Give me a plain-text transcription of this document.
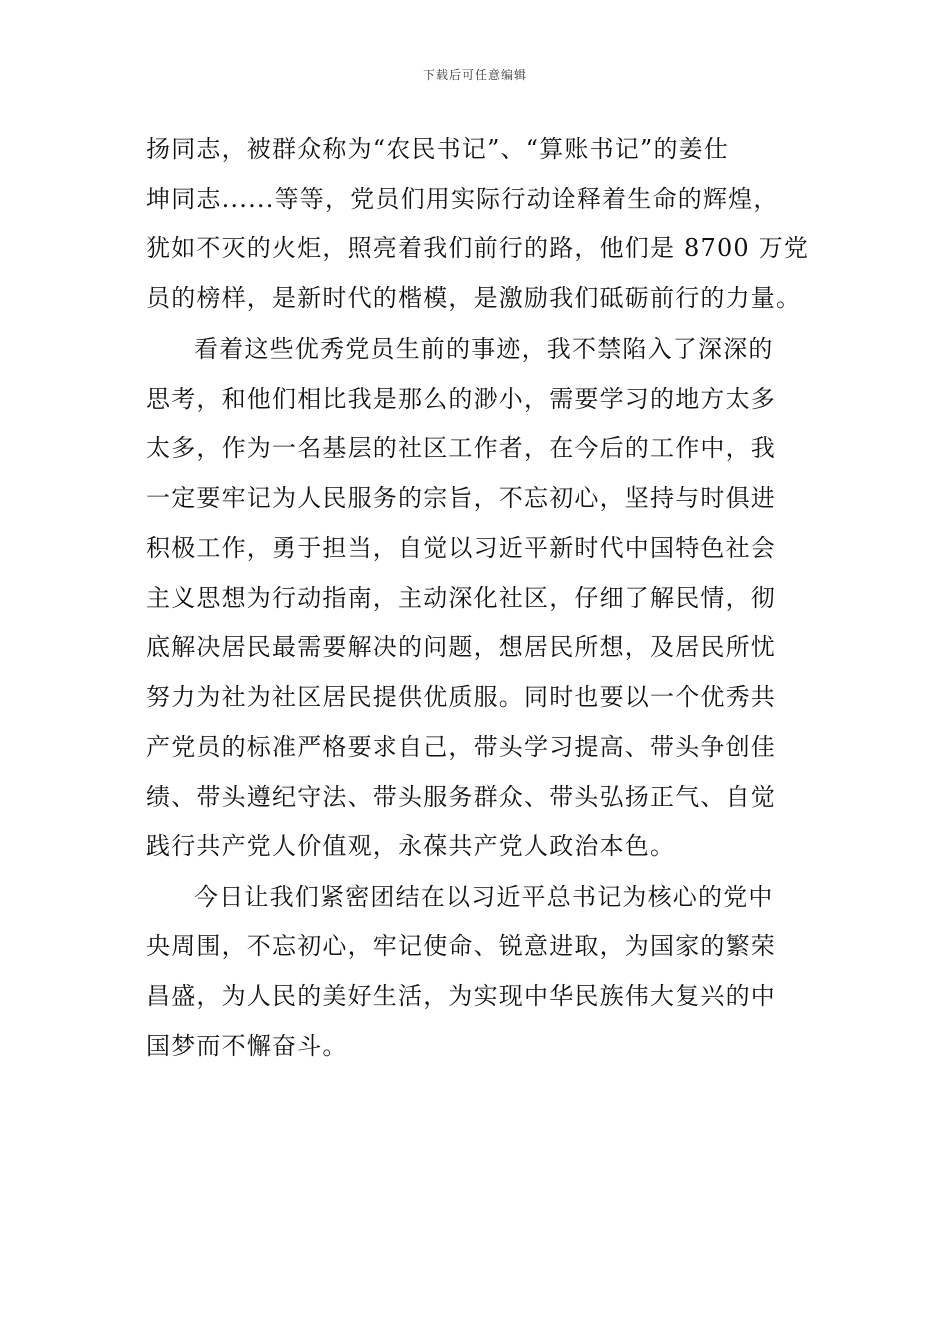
下载后可任意编辑
扬同志，被群众称为“农民书记”、“算账书记”的姜仕
坤同志......等等，党员们用实际行动诠释着生命的辉煌，
犹如不灭的火炬，照亮着我们前行的路，他们是 8700 万党
员的榜样，是新时代的楷模，是激励我们砥砺前行的力量。
看着这些优秀党员生前的事迹，我不禁陷入了深深的
思考，和他们相比我是那么的渺小，需要学习的地方太多
太多，作为一名基层的社区工作者，在今后的工作中，我
一定要牢记为人民服务的宗旨，不忘初心，坚持与时俱进
积极工作，勇于担当，自觉以习近平新时代中国特色社会
主义思想为行动指南，主动深化社区，仔细了解民情，彻
底解决居民最需要解决的问题，想居民所想，及居民所忧
努力为社为社区居民提供优质服。同时也要以一个优秀共
产党员的标准严格要求自己，带头学习提高、带头争创佳
绩、带头遵纪守法、带头服务群众、带头弘扬正气、自觉
践行共产党人价值观，永葆共产党人政治本色。
今日让我们紧密团结在以习近平总书记为核心的党中
央周围，不忘初心，牢记使命、锐意进取，为国家的繁荣
昌盛，为人民的美好生活，为实现中华民族伟大复兴的中
国梦而不懈奋斗。
